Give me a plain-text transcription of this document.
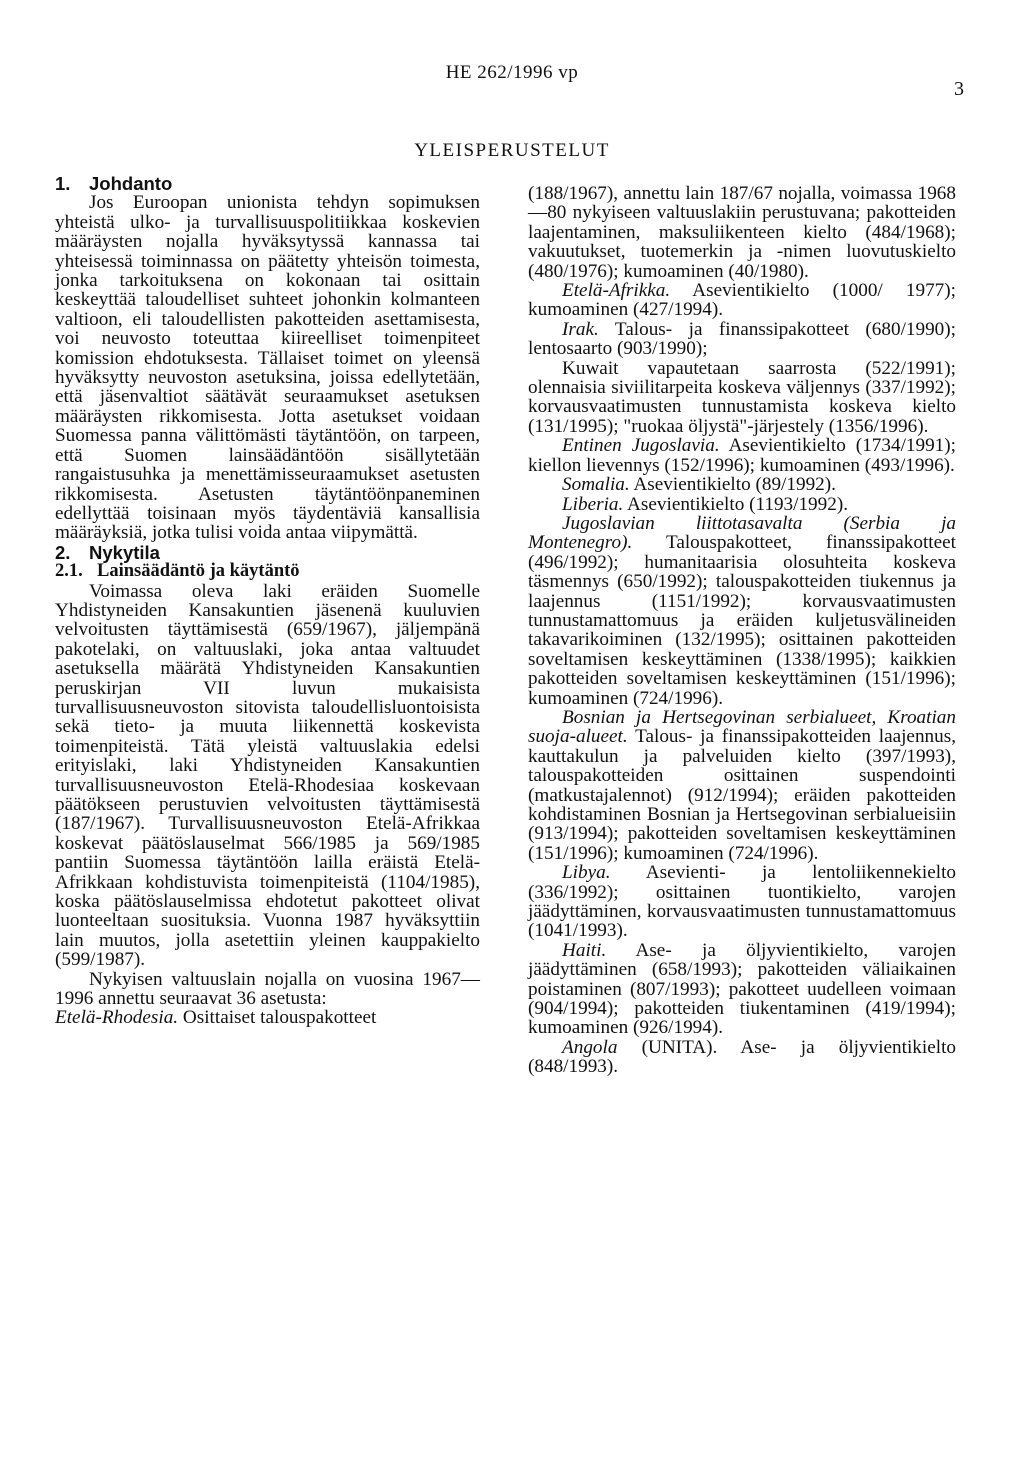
HE 262/1996 vp
3
YLEISPERUSTELUT

1. Johdanto

Jos Euroopan unionista tehdyn sopimuksen yhteistä ulko- ja turvallisuuspolitiikkaa koskevien määräysten nojalla hyväksytyssä kannassa tai yhteisessä toiminnassa on päätetty yhteisön toimesta, jonka tarkoituksena on kokonaan tai osittain keskeyttää taloudelliset suhteet johonkin kolmanteen valtioon, eli taloudellisten pakotteiden asettamisesta, voi neuvosto toteuttaa kiireelliset toimenpiteet komission ehdotuksesta. Tällaiset toimet on yleensä hyväksytty neuvoston asetuksina, joissa edellytetään, että jäsenvaltiot säätävät seuraamukset asetuksen määräysten rikkomisesta. Jotta asetukset voidaan Suomessa panna välittömästi täytäntöön, on tarpeen, että Suomen lainsäädäntöön sisällytetään rangaistusuhka ja menettämisseuraamukset asetusten rikkomisesta. Asetusten täytäntöönpaneminen edellyttää toisinaan myös täydentäviä kansallisia määräyksiä, jotka tulisi voida antaa viipymättä.

2. Nykytila

2.1. Lainsäädäntö ja käytäntö

Voimassa oleva laki eräiden Suomelle Yhdistyneiden Kansakuntien jäsenenä kuuluvien velvoitusten täyttämisestä (659/1967), jäljempänä pakotelaki, on valtuuslaki, joka antaa valtuudet asetuksella määrätä Yhdistyneiden Kansakuntien peruskirjan VII luvun mukaisista turvallisuusneuvoston sitovista taloudellisluontoisista sekä tieto- ja muuta liikennettä koskevista toimenpiteistä. Tätä yleistä valtuuslakia edelsi erityislaki, laki Yhdistyneiden Kansakuntien turvallisuusneuvoston Etelä-Rhodesiaa koskevaan päätökseen perustuvien velvoitusten täyttämisestä (187/1967). Turvallisuusneuvoston Etelä-Afrikkaa koskevat päätöslauselmat 566/1985 ja 569/1985 pantiin Suomessa täytäntöön lailla eräistä Etelä-Afrikkaan kohdistuvista toimenpiteistä (1104/1985), koska päätöslauselmissa ehdotetut pakotteet olivat luonteeltaan suosituksia. Vuonna 1987 hyväksyttiin lain muutos, jolla asetettiin yleinen kauppakielto (599/1987).

Nykyisen valtuuslain nojalla on vuosina 1967—1996 annettu seuraavat 36 asetusta:

Etelä-Rhodesia. Osittaiset talouspakotteet

(188/1967), annettu lain 187/67 nojalla, voimassa 1968—80 nykyiseen valtuuslakiin perustuvana; pakotteiden laajentaminen, maksuliikenteen kielto (484/1968); vakuutukset, tuotemerkin ja -nimen luovutuskielto (480/1976); kumoaminen (40/1980).

Etelä-Afrikka. Asevientikielto (1000/ 1977); kumoaminen (427/1994).

Irak. Talous- ja finanssipakotteet (680/1990); lentosaarto (903/1990);

Kuwait vapautetaan saarrosta (522/1991); olennaisia siviilitarpeita koskeva väljennys (337/1992); korvausvaatimusten tunnustamista koskeva kielto (131/1995); "ruokaa öljystä"-järjestely (1356/1996).

Entinen Jugoslavia. Asevientikielto (1734/1991); kiellon lievennys (152/1996); kumoaminen (493/1996).

Somalia. Asevientikielto (89/1992).

Liberia. Asevientikielto (1193/1992).

Jugoslavian liittotasavalta (Serbia ja Montenegro). Talouspakotteet, finanssipakotteet (496/1992); humanitaarisia olosuhteita koskeva täsmennys (650/1992); talouspakotteiden tiukennus ja laajennus (1151/1992); korvausvaatimusten tunnustamattomuus ja eräiden kuljetusvälineiden takavarikoiminen (132/1995); osittainen pakotteiden soveltamisen keskeyttäminen (1338/1995); kaikkien pakotteiden soveltamisen keskeyttäminen (151/1996); kumoaminen (724/1996).

Bosnian ja Hertsegovinan serbialueet, Kroatian suoja-alueet. Talous- ja finanssipakotteiden laajennus, kauttakulun ja palveluiden kielto (397/1993), talouspakotteiden osittainen suspendointi (matkustajalennot) (912/1994); eräiden pakotteiden kohdistaminen Bosnian ja Hertsegovinan serbialueisiin (913/1994); pakotteiden soveltamisen keskeyttäminen (151/1996); kumoaminen (724/1996).

Libya. Asevienti- ja lentoliikennekielto (336/1992); osittainen tuontikielto, varojen jäädyttäminen, korvausvaatimusten tunnustamattomuus (1041/1993).

Haiti. Ase- ja öljyvientikielto, varojen jäädyttäminen (658/1993); pakotteiden väliaikainen poistaminen (807/1993); pakotteet uudelleen voimaan (904/1994); pakotteiden tiukentaminen (419/1994); kumoaminen (926/1994).

Angola (UNITA). Ase- ja öljyvientikielto (848/1993).
